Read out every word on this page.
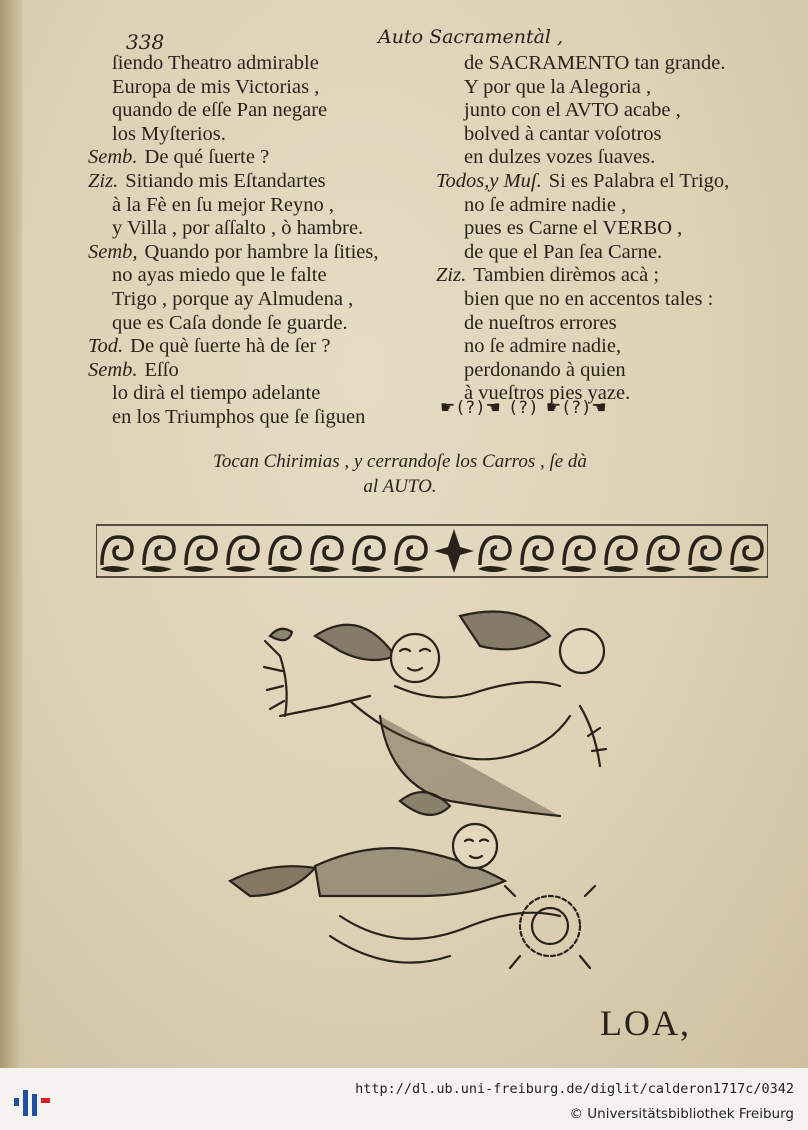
338	Auto Sacramentàl ,
ſiendo Theatro admirable
Europa de mis Victorias ,
quando de eſſe Pan negare
los Myſterios.
Semb. De qué ſuerte ?
Ziz. Sitiando mis Eſtandartes
à la Fè en ſu mejor Reyno ,
y Villa , por aſſalto , ò hambre.
Semb, Quando por hambre la ſities,
no ayas miedo que le falte
Trigo , porque ay Almudena ,
que es Caſa donde ſe guarde.
Tod. De què ſuerte hà de ſer ?
Semb. Eſſo
lo dirà el tiempo adelante
en los Triumphos que ſe ſiguen
de SACRAMENTO tan grande.
Y por que la Alegoria ,
junto con el AVTO acabe ,
bolved à cantar voſotros
en dulzes vozes ſuaves.
Todos,y Muſ. Si es Palabra el Trigo,
no ſe admire nadie ,
pues es Carne el VERBO ,
de que el Pan ſea Carne.
Ziz. Tambien dirèmos acà ;
bien que no en accentos tales :
de nueſtros errores
no ſe admire nadie,
perdonando à quien
à vueſtros pies yaze.
☛(?)☚ (?) ☛(?)☚
Tocan Chirimias , y cerrandoſe los Carros , ſe dà
al AUTO.
LOA,
http://dl.ub.uni-freiburg.de/diglit/calderon1717c/0342
© Universitätsbibliothek Freiburg
